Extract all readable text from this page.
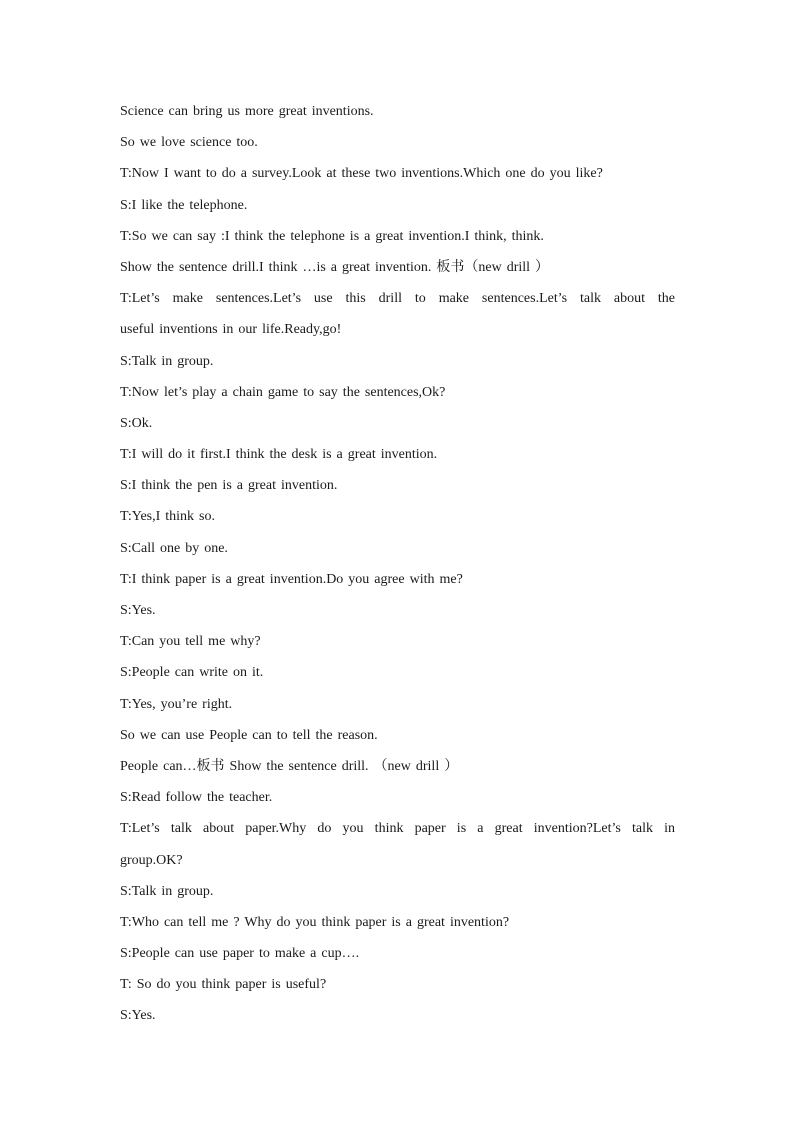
Science can bring us more great inventions.
So we love science too.
T:Now I want to do a survey.Look at these two inventions.Which one do you like?
S:I like the telephone.
T:So we can say :I think the telephone is a great invention.I think, think.
Show the sentence drill.I think …is a great invention. 板书（new drill ）
T:Let’s make sentences.Let’s use this drill to make sentences.Let’s talk about the
useful inventions in our life.Ready,go!
S:Talk in group.
T:Now let’s play a chain game to say the sentences,Ok?
S:Ok.
T:I will do it first.I think the desk is a great invention.
S:I think the pen is a great invention.
T:Yes,I think so.
S:Call one by one.
T:I think paper is a great invention.Do you agree with me?
S:Yes.
T:Can you tell me why?
S:People can write on it.
T:Yes, you’re right.
So we can use People can to tell the reason.
People can…板书 Show the sentence drill. （new drill ）
S:Read follow the teacher.
T:Let’s talk about paper.Why do you think paper is a great invention?Let’s talk in
group.OK?
S:Talk in group.
T:Who can tell me ? Why do you think paper is a great invention?
S:People can use paper to make a cup….
T: So do you think paper is useful?
S:Yes.
